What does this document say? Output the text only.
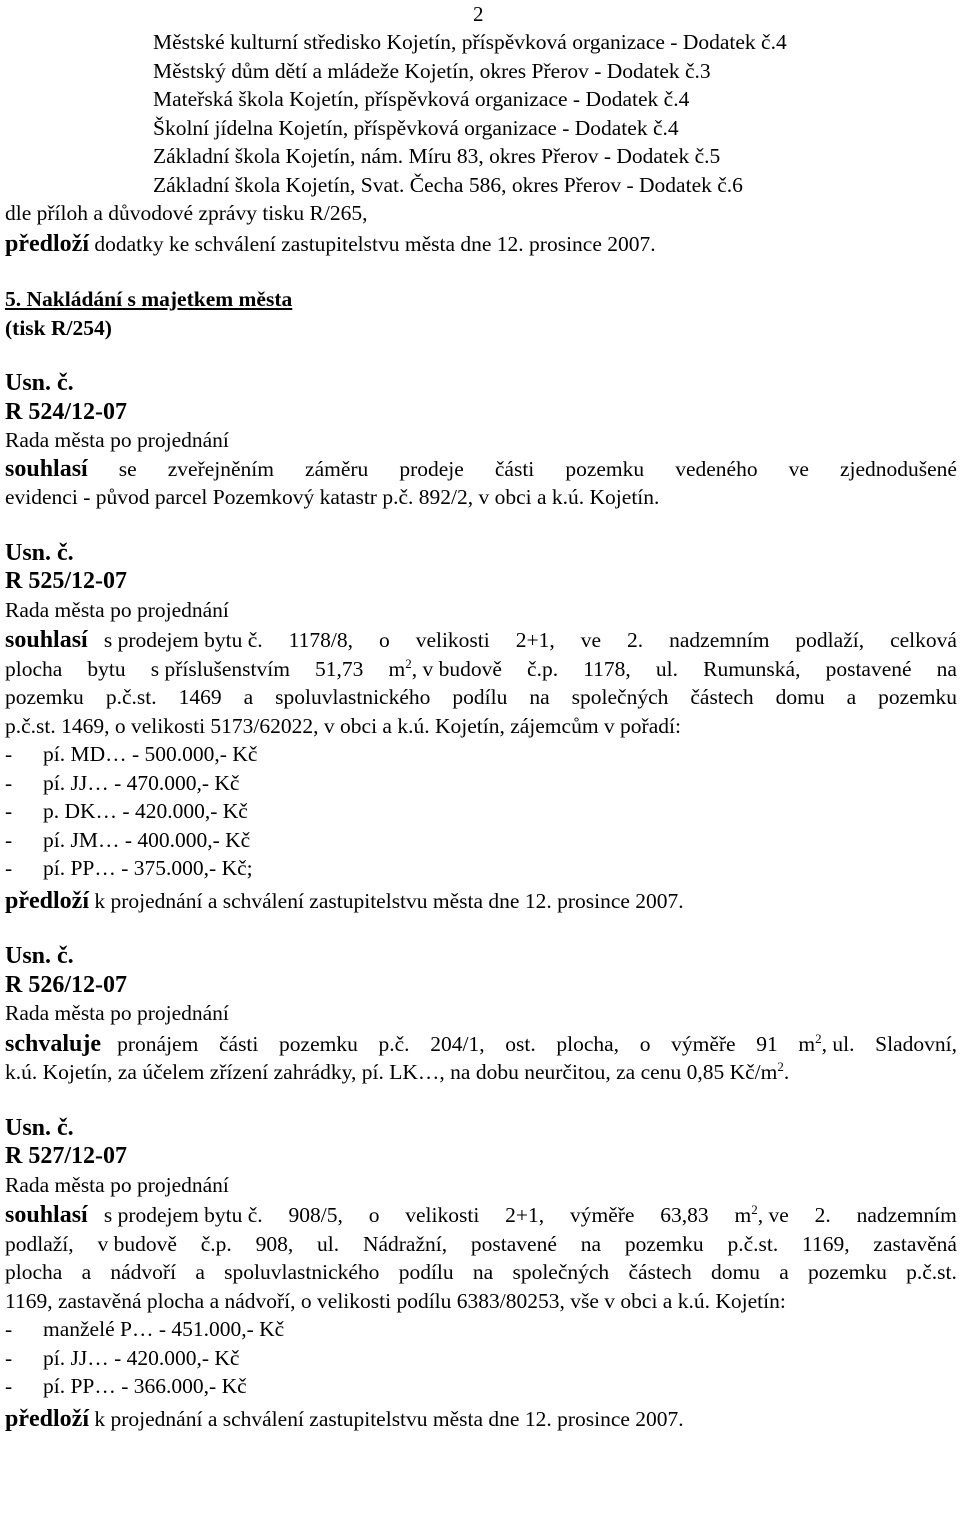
2
Městské kulturní středisko Kojetín, příspěvková organizace - Dodatek č.4
Městský dům dětí a mládeže Kojetín, okres Přerov - Dodatek č.3
Mateřská škola Kojetín, příspěvková organizace - Dodatek č.4
Školní jídelna Kojetín, příspěvková organizace - Dodatek č.4
Základní škola Kojetín, nám. Míru 83, okres Přerov - Dodatek č.5
Základní škola Kojetín, Svat. Čecha 586, okres Přerov - Dodatek č.6
dle příloh a důvodové zprávy tisku R/265,
předloží dodatky ke schválení zastupitelstvu města dne 12. prosince 2007.
5. Nakládání s majetkem města
(tisk R/254)
Usn. č.
R 524/12-07
Rada města po projednání
souhlasí se zveřejněním záměru prodeje části pozemku vedeného ve zjednodušené
evidenci - původ parcel Pozemkový katastr p.č. 892/2, v obci a k.ú. Kojetín.
Usn. č.
R 525/12-07
Rada města po projednání
souhlasí s prodejem bytu č. 1178/8, o velikosti 2+1, ve 2. nadzemním podlaží, celková
plocha bytu s příslušenstvím 51,73 $m^2$, v budově č.p. 1178, ul. Rumunská, postavené na
pozemku p.č.st. 1469 a spoluvlastnického podílu na společných částech domu a pozemku
p.č.st. 1469, o velikosti 5173/62022, v obci a k.ú. Kojetín, zájemcům v pořadí:
- pí. MD… - 500.000,- Kč
- pí. JJ… - 470.000,- Kč
- p. DK… - 420.000,- Kč
- pí. JM… - 400.000,- Kč
- pí. PP… - 375.000,- Kč;
předloží k projednání a schválení zastupitelstvu města dne 12. prosince 2007.
Usn. č.
R 526/12-07
Rada města po projednání
schvaluje pronájem části pozemku p.č. 204/1, ost. plocha, o výměře 91 $m^2$, ul. Sladovní,
k.ú. Kojetín, za účelem zřízení zahrádky, pí. LK…, na dobu neurčitou, za cenu 0,85 $Kč/m^2$.
Usn. č.
R 527/12-07
Rada města po projednání
souhlasí s prodejem bytu č. 908/5, o velikosti 2+1, výměře 63,83 $m^2$, ve 2. nadzemním
podlaží, v budově č.p. 908, ul. Nádražní, postavené na pozemku p.č.st. 1169, zastavěná
plocha a nádvoří a spoluvlastnického podílu na společných částech domu a pozemku p.č.st.
1169, zastavěná plocha a nádvoří, o velikosti podílu 6383/80253, vše v obci a k.ú. Kojetín:
- manželé P… - 451.000,- Kč
- pí. JJ… - 420.000,- Kč
- pí. PP… - 366.000,- Kč
předloží k projednání a schválení zastupitelstvu města dne 12. prosince 2007.
